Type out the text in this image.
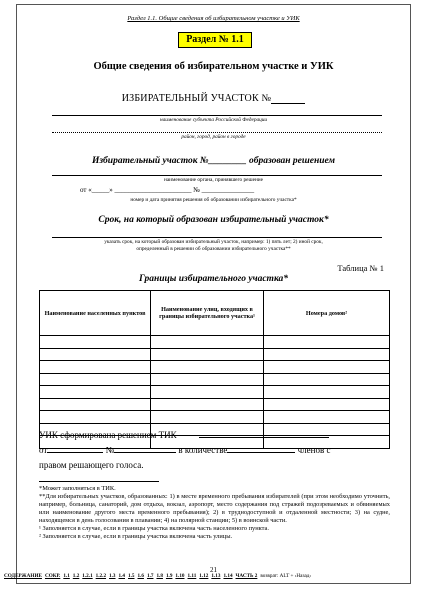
Раздел 1.1. Общие сведения об избирательном участке и УИК
Раздел № 1.1
Общие сведения об избирательном участке и УИК
ИЗБИРАТЕЛЬНЫЙ УЧАСТОК №
наименование субъекта Российской Федерации
район, город, район в городе
Избирательный участок №________ образован решением
наименование органа, принявшего решение
от «_____» ______________________ № _______________
номер и дата принятия решения об образовании избирательного участка*
Срок, на который образован избирательный участок*
указать срок, на который образован избирательный участок, например: 1) пять лет; 2) иной срок,
определенный в решении об образовании избирательного участка**
Таблица № 1
Границы избирательного участка*
Наименование населенных пунктов	Наименование улиц, входящих в границы избирательного участка¹	Номера домов²

УИК сформирована решением ТИК
от	№	в количестве	членов с
правом решающего голоса.
*Может заполняться в ТИК.
**Для избирательных участков, образованных: 1) в месте временного пребывания избирателей (при этом необходимо уточнить, например, больница, санаторий, дом отдыха, вокзал, аэропорт, место содержания под стражей подозреваемых и обвиняемых или наименование другого места временного пребывания); 2) в труднодоступной и отдаленной местности; 3) на судне, находящемся в день голосования в плавании; 4) на полярной станции; 5) в воинской части.
¹ Заполняется в случае, если в границы участка включена часть населенного пункта.
² Заполняется в случае, если в границы участка включена часть улицы.
21
СОДЕРЖАНИЕ СОКР. 1.1 1.2 1.2.1 1.2.2 1.3 1.4 1.5 1.6 1.7 1.8 1.9 1.10 1.11 1.12 1.13 1.14 ЧАСТЬ 2 возврат: ALT + ‹Назад›
